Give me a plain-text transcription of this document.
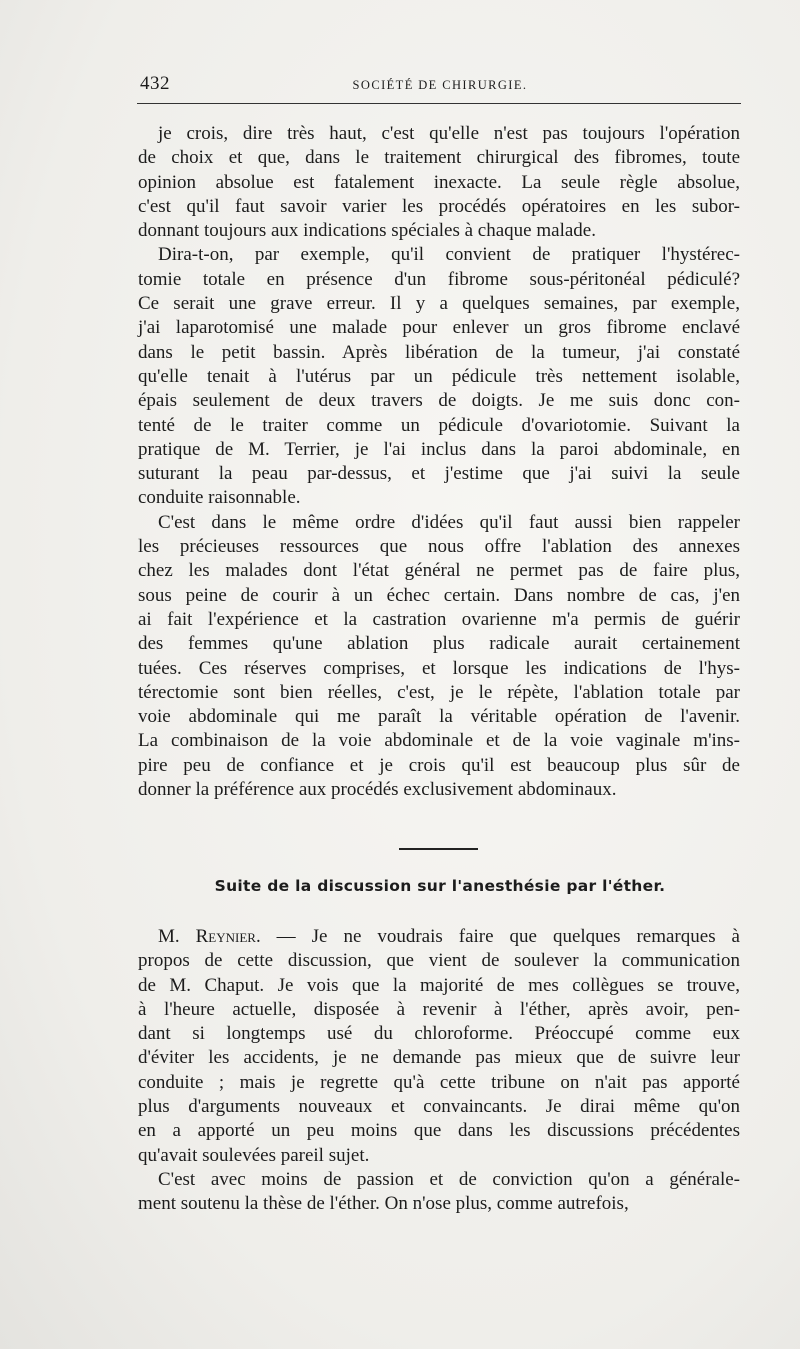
432	SOCIÉTÉ DE CHIRURGIE.
je crois, dire très haut, c'est qu'elle n'est pas toujours l'opération
de choix et que, dans le traitement chirurgical des fibromes, toute
opinion absolue est fatalement inexacte. La seule règle absolue,
c'est qu'il faut savoir varier les procédés opératoires en les subor-
donnant toujours aux indications spéciales à chaque malade.
Dira-t-on, par exemple, qu'il convient de pratiquer l'hystérec-
tomie totale en présence d'un fibrome sous-péritonéal pédiculé?
Ce serait une grave erreur. Il y a quelques semaines, par exemple,
j'ai laparotomisé une malade pour enlever un gros fibrome enclavé
dans le petit bassin. Après libération de la tumeur, j'ai constaté
qu'elle tenait à l'utérus par un pédicule très nettement isolable,
épais seulement de deux travers de doigts. Je me suis donc con-
tenté de le traiter comme un pédicule d'ovariotomie. Suivant la
pratique de M. Terrier, je l'ai inclus dans la paroi abdominale, en
suturant la peau par-dessus, et j'estime que j'ai suivi la seule
conduite raisonnable.
C'est dans le même ordre d'idées qu'il faut aussi bien rappeler
les précieuses ressources que nous offre l'ablation des annexes
chez les malades dont l'état général ne permet pas de faire plus,
sous peine de courir à un échec certain. Dans nombre de cas, j'en
ai fait l'expérience et la castration ovarienne m'a permis de guérir
des femmes qu'une ablation plus radicale aurait certainement
tuées. Ces réserves comprises, et lorsque les indications de l'hys-
térectomie sont bien réelles, c'est, je le répète, l'ablation totale par
voie abdominale qui me paraît la véritable opération de l'avenir.
La combinaison de la voie abdominale et de la voie vaginale m'ins-
pire peu de confiance et je crois qu'il est beaucoup plus sûr de
donner la préférence aux procédés exclusivement abdominaux.
Suite de la discussion sur l'anesthésie par l'éther.
M. Reynier. — Je ne voudrais faire que quelques remarques à
propos de cette discussion, que vient de soulever la communication
de M. Chaput. Je vois que la majorité de mes collègues se trouve,
à l'heure actuelle, disposée à revenir à l'éther, après avoir, pen-
dant si longtemps usé du chloroforme. Préoccupé comme eux
d'éviter les accidents, je ne demande pas mieux que de suivre leur
conduite ; mais je regrette qu'à cette tribune on n'ait pas apporté
plus d'arguments nouveaux et convaincants. Je dirai même qu'on
en a apporté un peu moins que dans les discussions précédentes
qu'avait soulevées pareil sujet.
C'est avec moins de passion et de conviction qu'on a générale-
ment soutenu la thèse de l'éther. On n'ose plus, comme autrefois,
